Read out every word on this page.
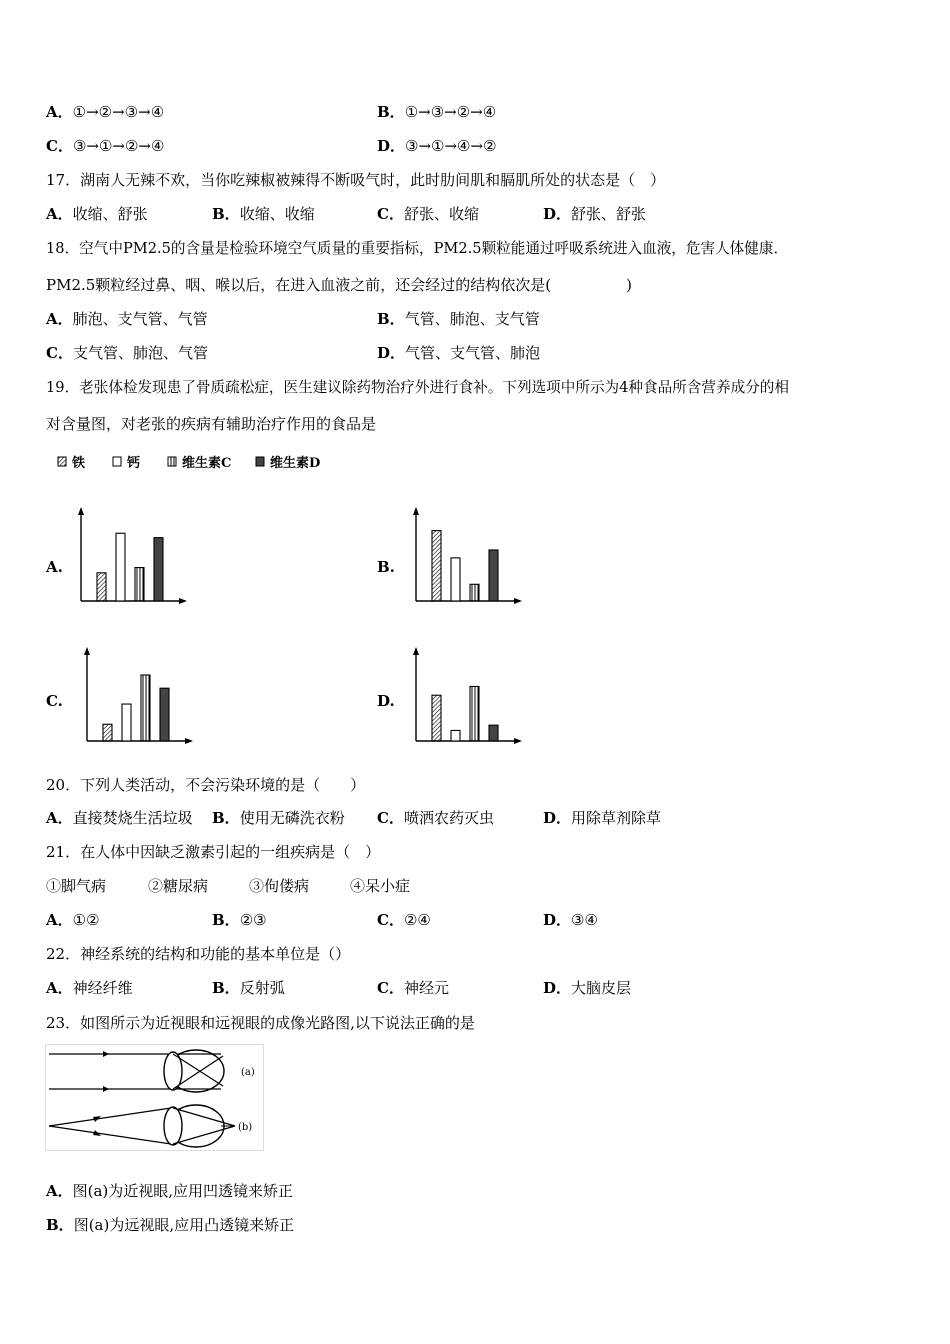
A．①→②→③→④	B．①→③→②→④
C．③→①→②→④	D．③→①→④→②
17．湖南人无辣不欢，当你吃辣椒被辣得不断吸气时，此时肋间肌和膈肌所处的状态是（　）
A．收缩、舒张	B．收缩、收缩	C．舒张、收缩	D．舒张、舒张
18．空气中PM2.5的含量是检验环境空气质量的重要指标，PM2.5颗粒能通过呼吸系统进入血液，危害人体健康．
PM2.5颗粒经过鼻、咽、喉以后，在进入血液之前，还会经过的结构依次是(　　　　　)
A．肺泡、支气管、气管	B．气管、肺泡、支气管
C．支气管、肺泡、气管	D．气管、支气管、肺泡
19．老张体检发现患了骨质疏松症，医生建议除药物治疗外进行食补。下列选项中所示为4种食品所含营养成分的相
对含量图，对老张的疾病有辅助治疗作用的食品是
铁	钙	维生素C	维生素D
A.	B.
C.	D.
20．下列人类活动，不会污染环境的是（　　）
A．直接焚烧生活垃圾 B．使用无磷洗衣粉 C．喷洒农药灭虫	D．用除草剂除草
21．在人体中因缺乏激素引起的一组疾病是（　）
①脚气病	②糖尿病	③佝偻病	④呆小症
A．①②	B．②③	C．②④	D．③④
22．神经系统的结构和功能的基本单位是（）
A．神经纤维	B．反射弧	C．神经元	D．大脑皮层
23．如图所示为近视眼和远视眼的成像光路图,以下说法正确的是
(a)
(b)
A．图(a)为近视眼,应用凹透镜来矫正
B．图(a)为远视眼,应用凸透镜来矫正
